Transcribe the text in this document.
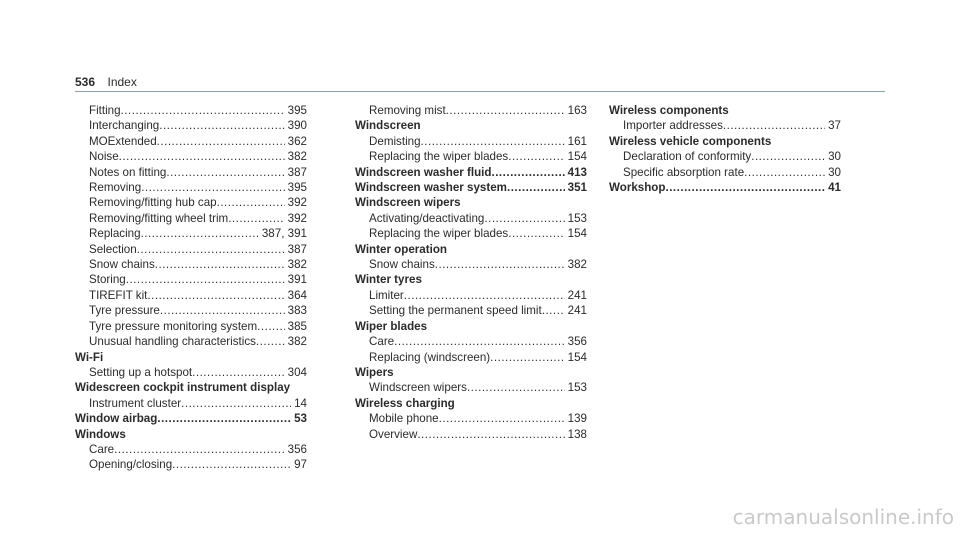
536 Index
Fitting .....	395
Interchanging .....	390
MOExtended .....	362
Noise .....	382
Notes on fitting .....	387
Removing .....	395
Removing/fitting hub cap .....	392
Removing/fitting wheel trim .....	392
Replacing .....	387, 391
Selection .....	387
Snow chains .....	382
Storing .....	391
TIREFIT kit .....	364
Tyre pressure .....	383
Tyre pressure monitoring system .....	385
Unusual handling characteristics .....	382
Wi-Fi
Setting up a hotspot .....	304
Widescreen cockpit instrument display
Instrument cluster .....	14
Window airbag .....	53
Windows
Care .....	356
Opening/closing .....	97
Removing mist .....	163
Windscreen
Demisting .....	161
Replacing the wiper blades .....	154
Windscreen washer fluid .....	413
Windscreen washer system .....	351
Windscreen wipers
Activating/deactivating .....	153
Replacing the wiper blades .....	154
Winter operation
Snow chains .....	382
Winter tyres
Limiter .....	241
Setting the permanent speed limit ..... 241
Wiper blades
Care .....	356
Replacing (windscreen) .....	154
Wipers
Windscreen wipers .....	153
Wireless charging
Mobile phone .....	139
Overview .....	138
Wireless components
Importer addresses .....	37
Wireless vehicle components
Declaration of conformity .....	30
Specific absorption rate .....	30
Workshop .....	41
carmanualsonline.info
